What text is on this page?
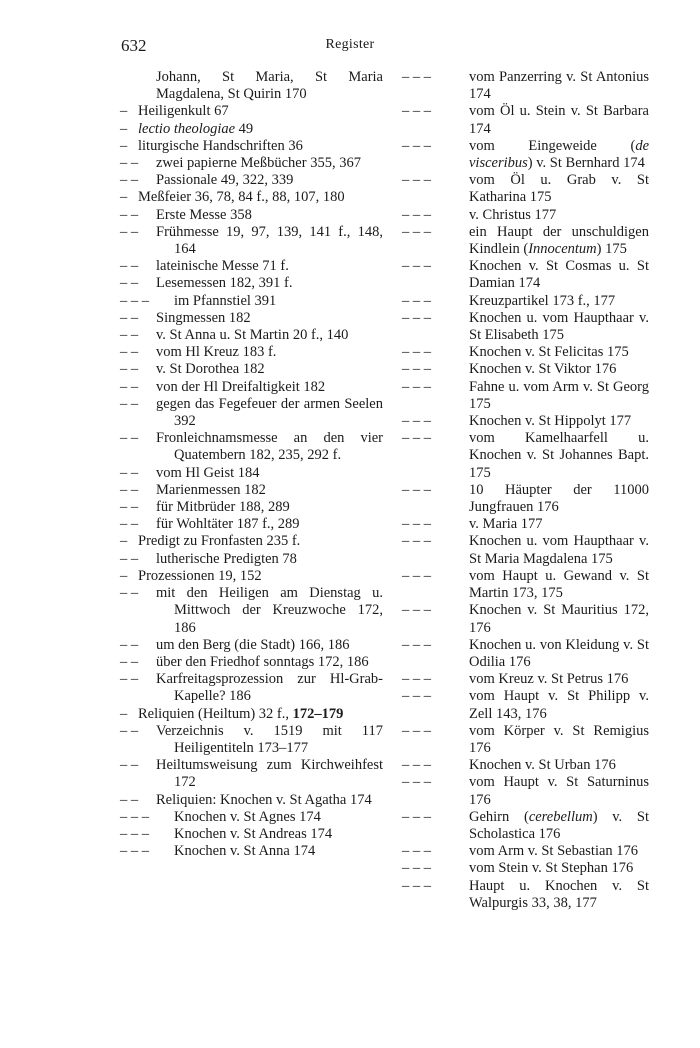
632	Register
Johann, St Maria, St Maria Magdalena, St Quirin 170
– Heiligenkult 67
– lectio theologiae 49
– liturgische Handschriften 36
– –	zwei papierne Meßbücher 355, 367
– –	Passionale 49, 322, 339
– Meßfeier 36, 78, 84 f., 88, 107, 180
– –	Erste Messe 358
– –	Frühmesse 19, 97, 139, 141 f., 148, 164
– –	lateinische Messe 71 f.
– –	Lesemessen 182, 391 f.
– – –	im Pfannstiel 391
– –	Singmessen 182
– –	v. St Anna u. St Martin 20 f., 140
– –	vom Hl Kreuz 183 f.
– –	v. St Dorothea 182
– –	von der Hl Dreifaltigkeit 182
– –	gegen das Fegefeuer der armen Seelen 392
– –	Fronleichnamsmesse an den vier Quatembern 182, 235, 292 f.
– –	vom Hl Geist 184
– –	Marienmessen 182
– –	für Mitbrüder 188, 289
– –	für Wohltäter 187 f., 289
– Predigt zu Fronfasten 235 f.
– –	lutherische Predigten 78
– Prozessionen 19, 152
– –	mit den Heiligen am Dienstag u. Mittwoch der Kreuzwoche 172, 186
– –	um den Berg (die Stadt) 166, 186
– –	über den Friedhof sonntags 172, 186
– –	Karfreitagsprozession zur Hl-Grab-Kapelle? 186
– Reliquien (Heiltum) 32 f., 172–179
– –	Verzeichnis v. 1519 mit 117 Heiligentiteln 173–177
– –	Heiltumsweisung zum Kirchweihfest 172
– –	Reliquien: Knochen v. St Agatha 174
– – –	Knochen v. St Agnes 174
– – –	Knochen v. St Andreas 174
– – –	Knochen v. St Anna 174
– – –	vom Panzerring v. St Antonius 174
– – –	vom Öl u. Stein v. St Barbara 174
– – –	vom Eingeweide (de visceribus) v. St Bernhard 174
– – –	vom Öl u. Grab v. St Katharina 175
– – –	v. Christus 177
– – –	ein Haupt der unschuldigen Kindlein (Innocentum) 175
– – –	Knochen v. St Cosmas u. St Damian 174
– – –	Kreuzpartikel 173 f., 177
– – –	Knochen u. vom Haupthaar v. St Elisabeth 175
– – –	Knochen v. St Felicitas 175
– – –	Knochen v. St Viktor 176
– – –	Fahne u. vom Arm v. St Georg 175
– – –	Knochen v. St Hippolyt 177
– – –	vom Kamelhaarfell u. Knochen v. St Johannes Bapt. 175
– – –	10 Häupter der 11000 Jungfrauen 176
– – –	v. Maria 177
– – –	Knochen u. vom Haupthaar v. St Maria Magdalena 175
– – –	vom Haupt u. Gewand v. St Martin 173, 175
– – –	Knochen v. St Mauritius 172, 176
– – –	Knochen u. von Kleidung v. St Odilia 176
– – –	vom Kreuz v. St Petrus 176
– – –	vom Haupt v. St Philipp v. Zell 143, 176
– – –	vom Körper v. St Remigius 176
– – –	Knochen v. St Urban 176
– – –	vom Haupt v. St Saturninus 176
– – –	Gehirn (cerebellum) v. St Scholastica 176
– – –	vom Arm v. St Sebastian 176
– – –	vom Stein v. St Stephan 176
– – –	Haupt u. Knochen v. St Walpurgis 33, 38, 177
